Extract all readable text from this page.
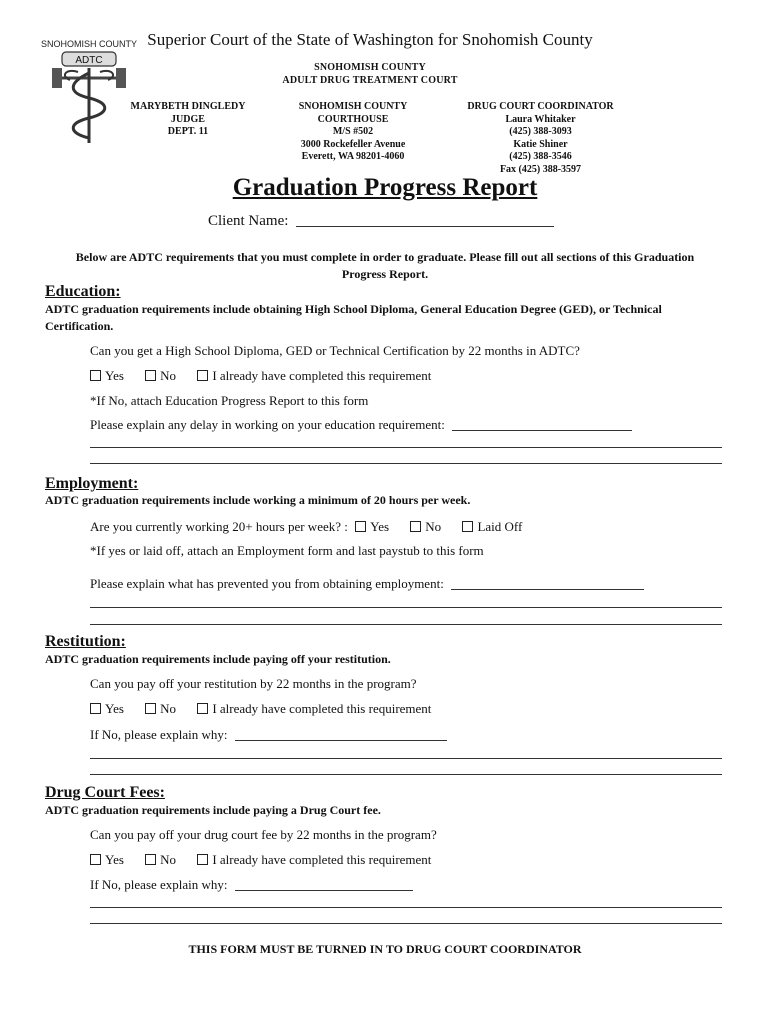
SNOHOMISH COUNTY
ADTC
Superior Court of the State of Washington for Snohomish County
SNOHOMISH COUNTY
ADULT DRUG TREATMENT COURT
MARYBETH DINGLEDY
JUDGE
DEPT. 11
SNOHOMISH COUNTY
COURTHOUSE
M/S #502
3000 Rockefeller Avenue
Everett, WA 98201-4060
DRUG COURT COORDINATOR
Laura Whitaker
(425) 388-3093
Katie Shiner
(425) 388-3546
Fax (425) 388-3597
Graduation Progress Report
Client Name:
Below are ADTC requirements that you must complete in order to graduate. Please fill out all sections of this Graduation Progress Report.
Education:
ADTC graduation requirements include obtaining High School Diploma, General Education Degree (GED), or Technical Certification.
Can you get a High School Diploma, GED or Technical Certification by 22 months in ADTC?
Yes	No	I already have completed this requirement
*If No, attach Education Progress Report to this form
Please explain any delay in working on your education requirement:
Employment:
ADTC graduation requirements include working a minimum of 20 hours per week.
Are you currently working 20+ hours per week? : Yes	No	Laid Off
*If yes or laid off, attach an Employment form and last paystub to this form
Please explain what has prevented you from obtaining employment:
Restitution:
ADTC graduation requirements include paying off your restitution.
Can you pay off your restitution by 22 months in the program?
Yes	No	I already have completed this requirement
If No, please explain why:
Drug Court Fees:
ADTC graduation requirements include paying a Drug Court fee.
Can you pay off your drug court fee by 22 months in the program?
Yes	No	I already have completed this requirement
If No, please explain why:
THIS FORM MUST BE TURNED IN TO DRUG COURT COORDINATOR
